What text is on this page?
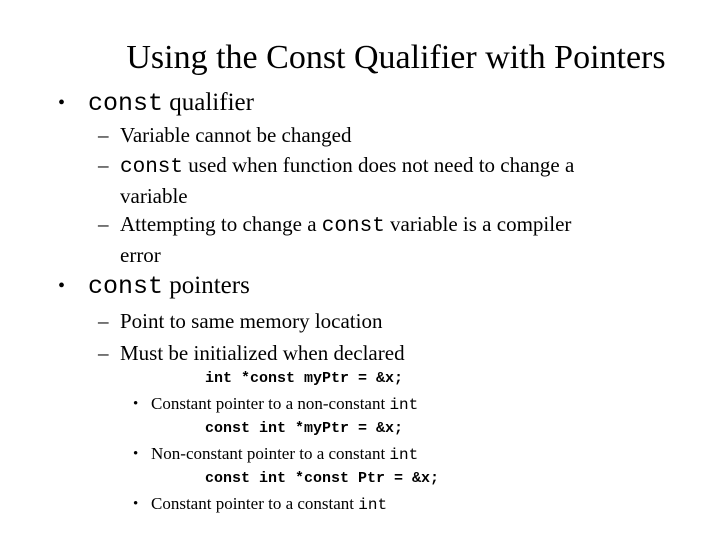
Using the Const Qualifier with Pointers
• const qualifier
– Variable cannot be changed
– const used when function does not need to change a
variable
– Attempting to change a const variable is a compiler
error
• const pointers
– Point to same memory location
– Must be initialized when declared
int *const myPtr = &x;
• Constant pointer to a non-constant int
const int *myPtr = &x;
• Non-constant pointer to a constant int
const int *const Ptr = &x;
• Constant pointer to a constant int
